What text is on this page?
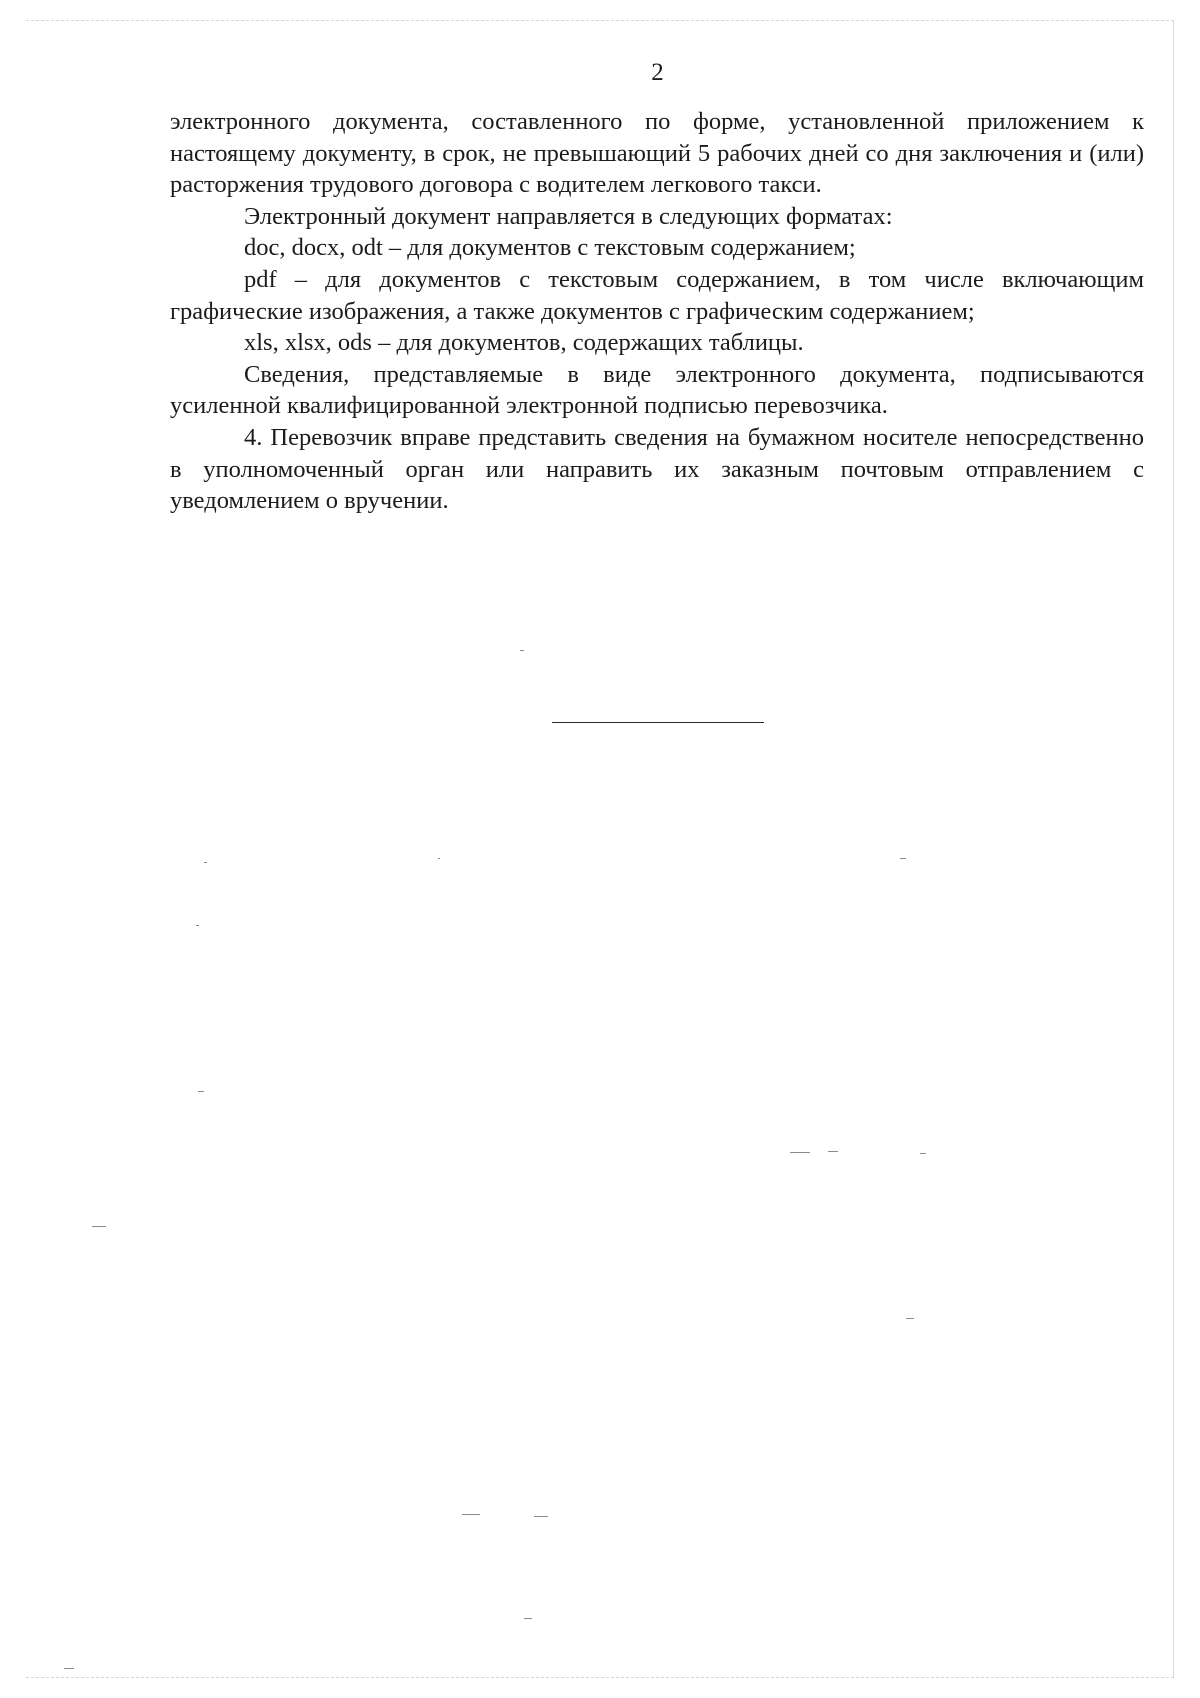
2

электронного документа, составленного по форме, установленной приложением к настоящему документу, в срок, не превышающий 5 рабочих дней со дня заключения и (или) расторжения трудового договора с водителем легкового такси.

Электронный документ направляется в следующих форматах:

doc, docx, odt – для документов с текстовым содержанием;

pdf – для документов с текстовым содержанием, в том числе включающим графические изображения, а также документов с графическим содержанием;

xls, xlsx, ods – для документов, содержащих таблицы.

Сведения, представляемые в виде электронного документа, подписываются усиленной квалифицированной электронной подписью перевозчика.

4. Перевозчик вправе представить сведения на бумажном носителе непосредственно в уполномоченный орган или направить их заказным почтовым отправлением с уведомлением о вручении.
